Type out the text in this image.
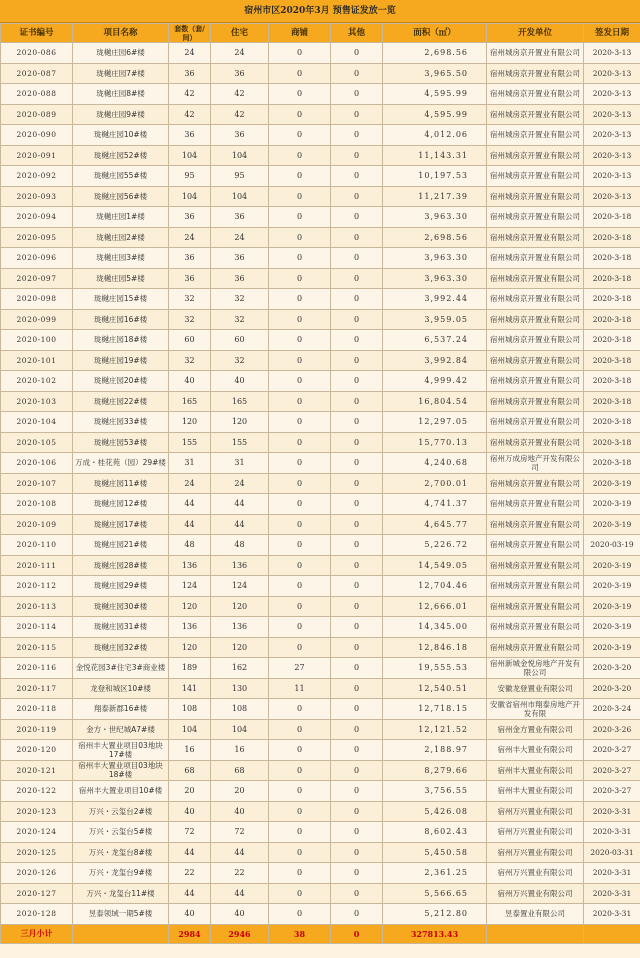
宿州市区2020年3月 预售证发放一览
证书编号	项目名称	套数（套/间）	住宅	商铺	其他	面积（㎡）	开发单位	签发日期
2020-086	珑樾庄园6#楼	24	24	0	0	2,698.56	宿州城房京开置业有限公司	2020-3-13
2020-087	珑樾庄园7#楼	36	36	0	0	3,965.50	宿州城房京开置业有限公司	2020-3-13
2020-088	珑樾庄园8#楼	42	42	0	0	4,595.99	宿州城房京开置业有限公司	2020-3-13
2020-089	珑樾庄园9#楼	42	42	0	0	4,595.99	宿州城房京开置业有限公司	2020-3-13
2020-090	珑樾庄园10#楼	36	36	0	0	4,012.06	宿州城房京开置业有限公司	2020-3-13
2020-091	珑樾庄园52#楼	104	104	0	0	11,143.31	宿州城房京开置业有限公司	2020-3-13
2020-092	珑樾庄园55#楼	95	95	0	0	10,197.53	宿州城房京开置业有限公司	2020-3-13
2020-093	珑樾庄园56#楼	104	104	0	0	11,217.39	宿州城房京开置业有限公司	2020-3-13
2020-094	珑樾庄园1#楼	36	36	0	0	3,963.30	宿州城房京开置业有限公司	2020-3-18
2020-095	珑樾庄园2#楼	24	24	0	0	2,698.56	宿州城房京开置业有限公司	2020-3-18
2020-096	珑樾庄园3#楼	36	36	0	0	3,963.30	宿州城房京开置业有限公司	2020-3-18
2020-097	珑樾庄园5#楼	36	36	0	0	3,963.30	宿州城房京开置业有限公司	2020-3-18
2020-098	珑樾庄园15#楼	32	32	0	0	3,992.44	宿州城房京开置业有限公司	2020-3-18
2020-099	珑樾庄园16#楼	32	32	0	0	3,959.05	宿州城房京开置业有限公司	2020-3-18
2020-100	珑樾庄园18#楼	60	60	0	0	6,537.24	宿州城房京开置业有限公司	2020-3-18
2020-101	珑樾庄园19#楼	32	32	0	0	3,992.84	宿州城房京开置业有限公司	2020-3-18
2020-102	珑樾庄园20#楼	40	40	0	0	4,999.42	宿州城房京开置业有限公司	2020-3-18
2020-103	珑樾庄园22#楼	165	165	0	0	16,804.54	宿州城房京开置业有限公司	2020-3-18
2020-104	珑樾庄园33#楼	120	120	0	0	12,297.05	宿州城房京开置业有限公司	2020-3-18
2020-105	珑樾庄园53#楼	155	155	0	0	15,770.13	宿州城房京开置业有限公司	2020-3-18
2020-106	万成・桂花苑（园）29#楼	31	31	0	0	4,240.68	宿州万成房地产开发有限公司	2020-3-18
2020-107	珑樾庄园11#楼	24	24	0	0	2,700.01	宿州城房京开置业有限公司	2020-3-19
2020-108	珑樾庄园12#楼	44	44	0	0	4,741.37	宿州城房京开置业有限公司	2020-3-19
2020-109	珑樾庄园17#楼	44	44	0	0	4,645.77	宿州城房京开置业有限公司	2020-3-19
2020-110	珑樾庄园21#楼	48	48	0	0	5,226.72	宿州城房京开置业有限公司	2020-03-19
2020-111	珑樾庄园28#楼	136	136	0	0	14,549.05	宿州城房京开置业有限公司	2020-3-19
2020-112	珑樾庄园29#楼	124	124	0	0	12,704.46	宿州城房京开置业有限公司	2020-3-19
2020-113	珑樾庄园30#楼	120	120	0	0	12,666.01	宿州城房京开置业有限公司	2020-3-19
2020-114	珑樾庄园31#楼	136	136	0	0	14,345.00	宿州城房京开置业有限公司	2020-3-19
2020-115	珑樾庄园32#楼	120	120	0	0	12,846.18	宿州城房京开置业有限公司	2020-3-19
2020-116	金悦花园3#住宅3#商业楼	189	162	27	0	19,555.53	宿州新城金悦房地产开发有限公司	2020-3-20
2020-117	龙登和城区10#楼	141	130	11	0	12,540.51	安徽龙登置业有限公司	2020-3-20
2020-118	翔泰新郡16#楼	108	108	0	0	12,718.15	安徽省宿州市翔泰房地产开发有限	2020-3-24
2020-119	金方・世纪城A7#楼	104	104	0	0	12,121.52	宿州金方置业有限公司	2020-3-26
2020-120	宿州丰大置业项目03地块17#楼	16	16	0	0	2,188.97	宿州丰大置业有限公司	2020-3-27
2020-121	宿州丰大置业项目03地块18#楼	68	68	0	0	8,279.66	宿州丰大置业有限公司	2020-3-27
2020-122	宿州丰大置业项目10#楼	20	20	0	0	3,756.55	宿州丰大置业有限公司	2020-3-27
2020-123	万兴・云玺台2#楼	40	40	0	0	5,426.08	宿州万兴置业有限公司	2020-3-31
2020-124	万兴・云玺台5#楼	72	72	0	0	8,602.43	宿州万兴置业有限公司	2020-3-31
2020-125	万兴・龙玺台8#楼	44	44	0	0	5,450.58	宿州万兴置业有限公司	2020-03-31
2020-126	万兴・龙玺台9#楼	22	22	0	0	2,361.25	宿州万兴置业有限公司	2020-3-31
2020-127	万兴・龙玺台11#楼	44	44	0	0	5,566.65	宿州万兴置业有限公司	2020-3-31
2020-128	昱泰领域一期5#楼	40	40	0	0	5,212.80	昱泰置业有限公司	2020-3-31
三月小计		2984	2946	38	0	327813.43		
